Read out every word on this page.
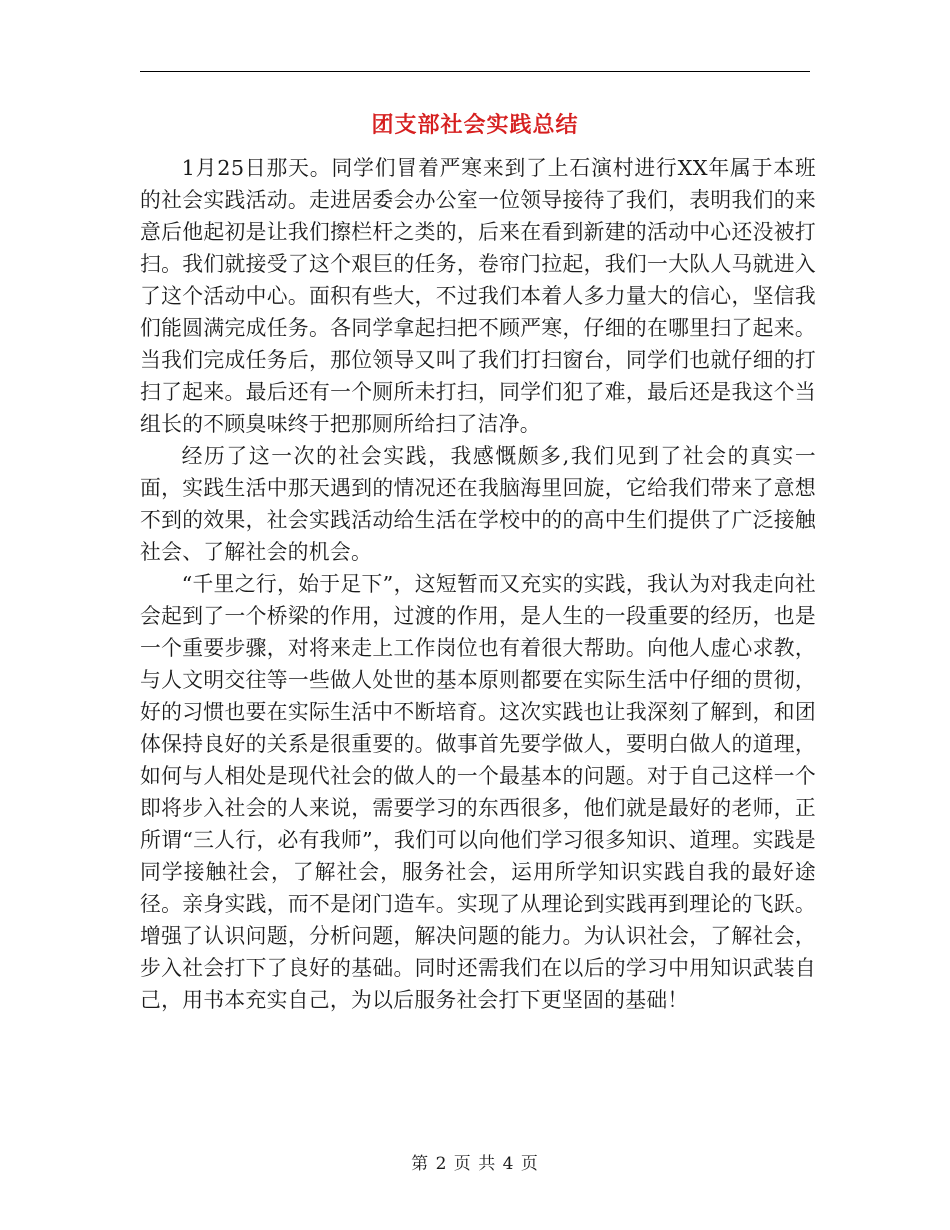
团支部社会实践总结

1月25日那天。同学们冒着严寒来到了上石演村进行XX年属于本班的社会实践活动。走进居委会办公室一位领导接待了我们，表明我们的来意后他起初是让我们擦栏杆之类的，后来在看到新建的活动中心还没被打扫。我们就接受了这个艰巨的任务，卷帘门拉起，我们一大队人马就进入了这个活动中心。面积有些大，不过我们本着人多力量大的信心，坚信我们能圆满完成任务。各同学拿起扫把不顾严寒，仔细的在哪里扫了起来。当我们完成任务后，那位领导又叫了我们打扫窗台，同学们也就仔细的打扫了起来。最后还有一个厕所未打扫，同学们犯了难，最后还是我这个当组长的不顾臭味终于把那厕所给扫了洁净。

经历了这一次的社会实践，我感慨颇多,我们见到了社会的真实一面，实践生活中那天遇到的情况还在我脑海里回旋，它给我们带来了意想不到的效果，社会实践活动给生活在学校中的的高中生们提供了广泛接触社会、了解社会的机会。

“千里之行，始于足下”，这短暂而又充实的实践，我认为对我走向社会起到了一个桥梁的作用，过渡的作用，是人生的一段重要的经历，也是一个重要步骤，对将来走上工作岗位也有着很大帮助。向他人虚心求教，与人文明交往等一些做人处世的基本原则都要在实际生活中仔细的贯彻，好的习惯也要在实际生活中不断培育。这次实践也让我深刻了解到，和团体保持良好的关系是很重要的。做事首先要学做人，要明白做人的道理，如何与人相处是现代社会的做人的一个最基本的问题。对于自己这样一个即将步入社会的人来说，需要学习的东西很多，他们就是最好的老师，正所谓“三人行，必有我师”，我们可以向他们学习很多知识、道理。实践是同学接触社会，了解社会，服务社会，运用所学知识实践自我的最好途径。亲身实践，而不是闭门造车。实现了从理论到实践再到理论的飞跃。增强了认识问题，分析问题，解决问题的能力。为认识社会，了解社会，步入社会打下了良好的基础。同时还需我们在以后的学习中用知识武装自己，用书本充实自己，为以后服务社会打下更坚固的基础！

第 2 页 共 4 页
